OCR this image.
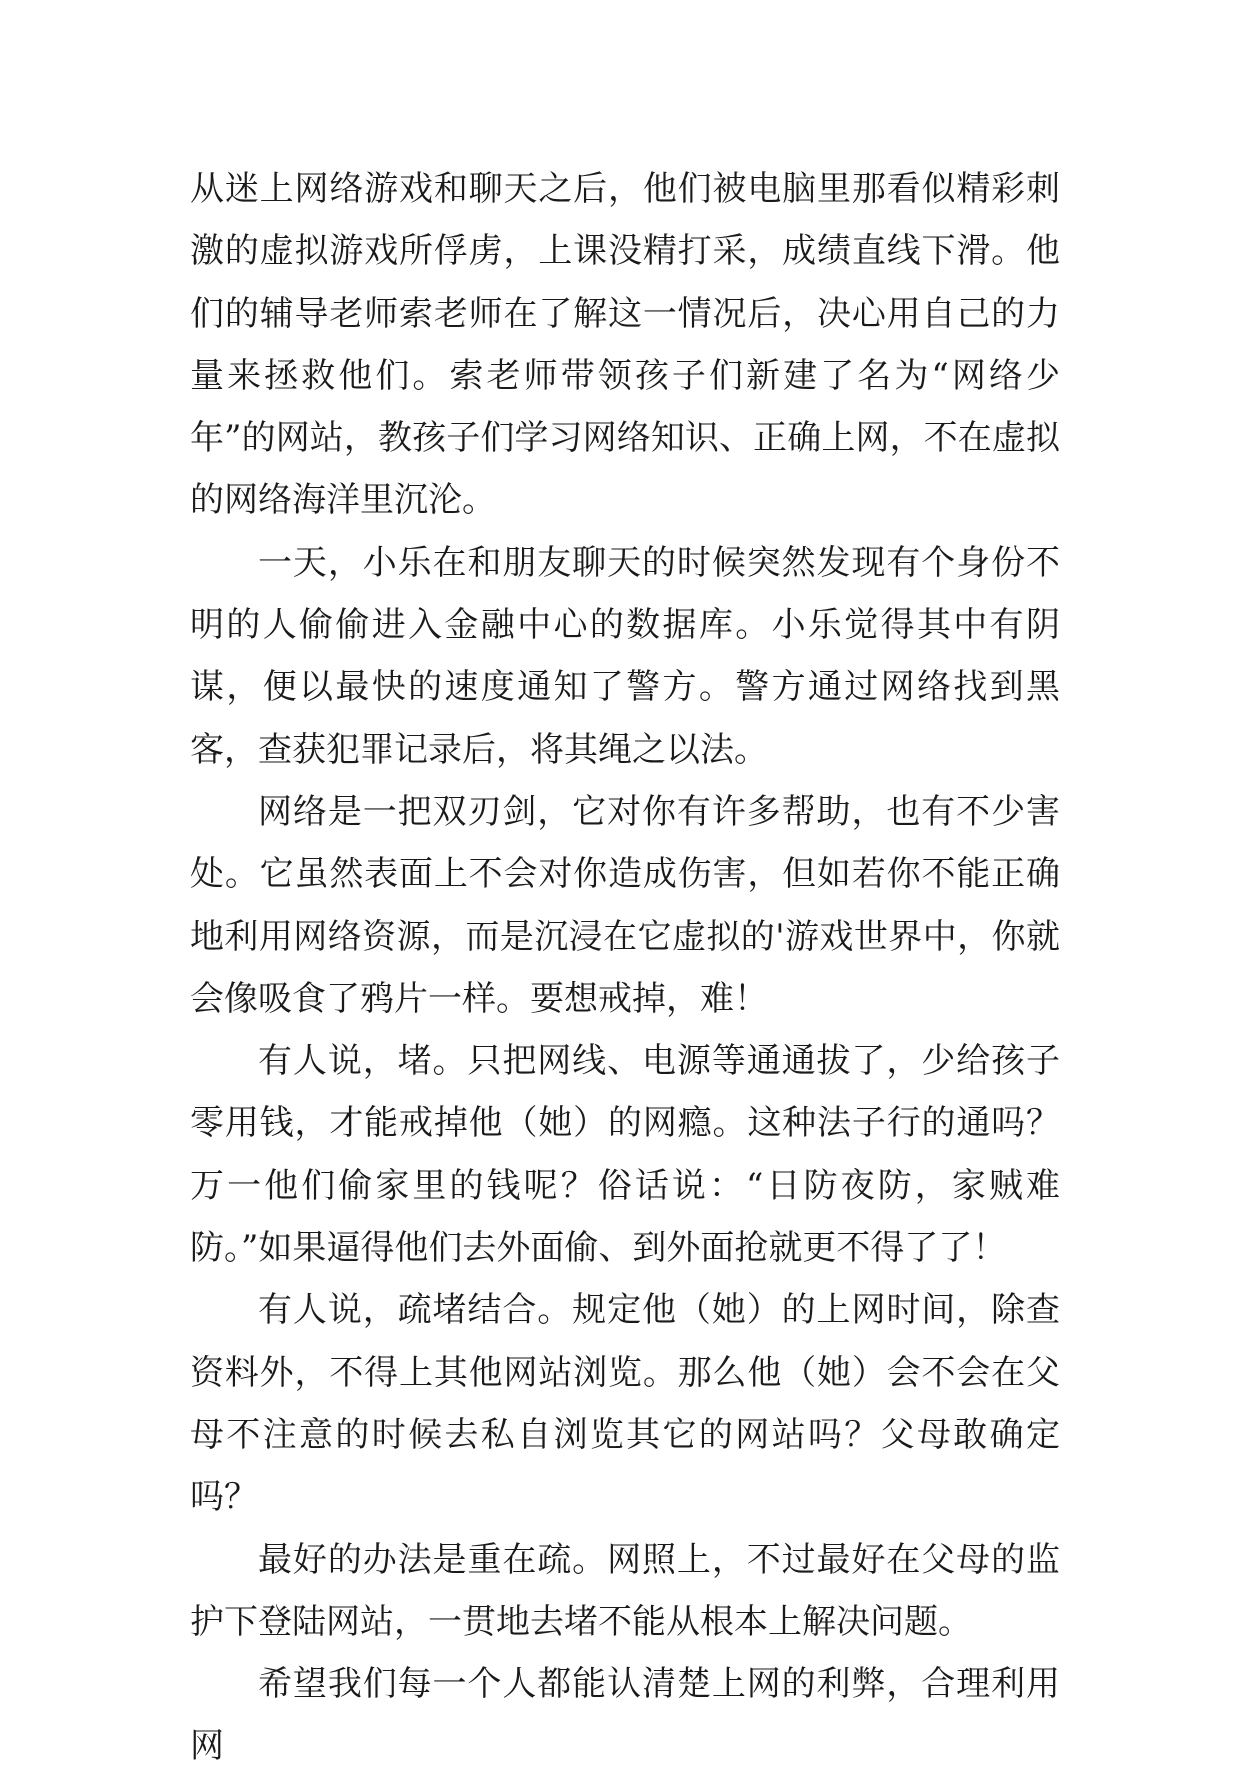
从迷上网络游戏和聊天之后，他们被电脑里那看似精彩刺激的虚拟游戏所俘虏，上课没精打采，成绩直线下滑。他们的辅导老师索老师在了解这一情况后，决心用自己的力量来拯救他们。索老师带领孩子们新建了名为“网络少年”的网站，教孩子们学习网络知识、正确上网，不在虚拟的网络海洋里沉沦。

一天，小乐在和朋友聊天的时候突然发现有个身份不明的人偷偷进入金融中心的数据库。小乐觉得其中有阴谋，便以最快的速度通知了警方。警方通过网络找到黑客，查获犯罪记录后，将其绳之以法。

网络是一把双刃剑，它对你有许多帮助，也有不少害处。它虽然表面上不会对你造成伤害，但如若你不能正确地利用网络资源，而是沉浸在它虚拟的'游戏世界中，你就会像吸食了鸦片一样。要想戒掉，难！

有人说，堵。只把网线、电源等通通拔了，少给孩子零用钱，才能戒掉他（她）的网瘾。这种法子行的通吗？万一他们偷家里的钱呢？俗话说：“日防夜防，家贼难防。”如果逼得他们去外面偷、到外面抢就更不得了了！

有人说，疏堵结合。规定他（她）的上网时间，除查资料外，不得上其他网站浏览。那么他（她）会不会在父母不注意的时候去私自浏览其它的网站吗？父母敢确定吗？

最好的办法是重在疏。网照上，不过最好在父母的监护下登陆网站，一贯地去堵不能从根本上解决问题。

希望我们每一个人都能认清楚上网的利弊，合理利用网
